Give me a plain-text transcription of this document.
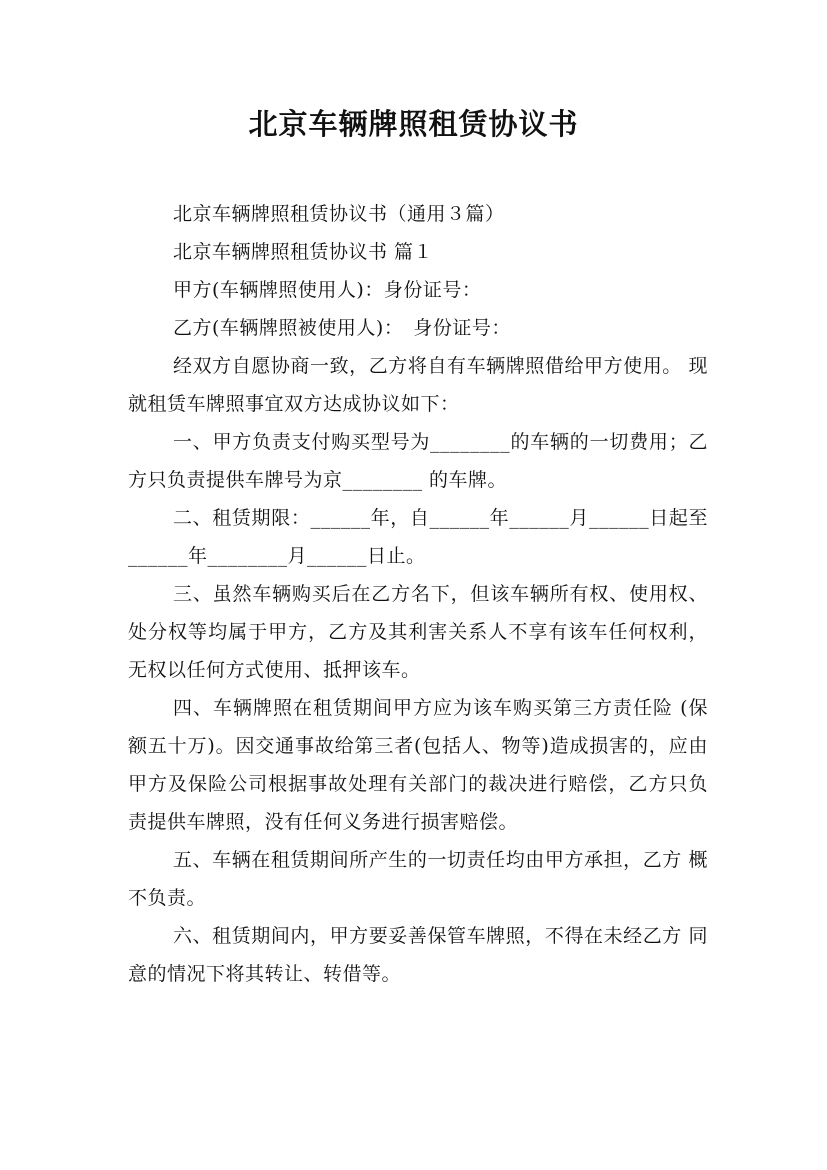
北京车辆牌照租赁协议书

北京车辆牌照租赁协议书（通用３篇）

北京车辆牌照租赁协议书 篇１

甲方(车辆牌照使用人)：身份证号：

乙方(车辆牌照被使用人)：　身份证号：

经双方自愿协商一致，乙方将自有车辆牌照借给甲方使用。 现就租赁车牌照事宜双方达成协议如下：

一、甲方负责支付购买型号为________的车辆的一切费用；乙方只负责提供车牌号为京________ 的车牌。

二、租赁期限：______年，自______年______月______日起至______年________月______日止。

三、虽然车辆购买后在乙方名下，但该车辆所有权、使用权、 处分权等均属于甲方，乙方及其利害关系人不享有该车任何权利，无权以任何方式使用、抵押该车。

四、车辆牌照在租赁期间甲方应为该车购买第三方责任险 (保额五十万)。因交通事故给第三者(包括人、物等)造成损害的，应由甲方及保险公司根据事故处理有关部门的裁决进行赔偿，乙方只负责提供车牌照，没有任何义务进行损害赔偿。

五、车辆在租赁期间所产生的一切责任均由甲方承担，乙方 概不负责。

六、租赁期间内，甲方要妥善保管车牌照，不得在未经乙方 同意的情况下将其转让、转借等。
